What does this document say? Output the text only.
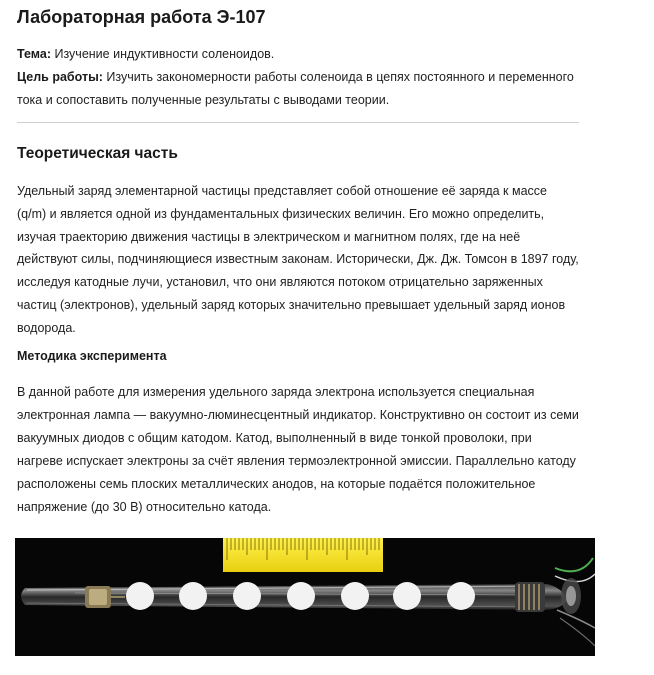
Лабораторная работа Э-107

Тема: Изучение индуктивности соленоидов.

Цель работы: Изучить закономерности работы соленоида в цепях постоянного и переменного тока и сопоставить полученные результаты с выводами теории.

Теоретическая часть

Удельный заряд элементарной частицы представляет собой отношение её заряда к массе (q/m) и является одной из фундаментальных физических величин. Его можно определить, изучая траекторию движения частицы в электрическом и магнитном полях, где на неё действуют силы, подчиняющиеся известным законам. Исторически, Дж. Дж. Томсон в 1897 году, исследуя катодные лучи, установил, что они являются потоком отрицательно заряженных частиц (электронов), удельный заряд которых значительно превышает удельный заряд ионов водорода.

Методика эксперимента

В данной работе для измерения удельного заряда электрона используется специальная электронная лампа — вакуумно-люминесцентный индикатор. Конструктивно он состоит из семи вакуумных диодов с общим катодом. Катод, выполненный в виде тонкой проволоки, при нагреве испускает электроны за счёт явления термоэлектронной эмиссии. Параллельно катоду расположены семь плоских металлических анодов, на которые подаётся положительное напряжение (до 30 В) относительно катода.
